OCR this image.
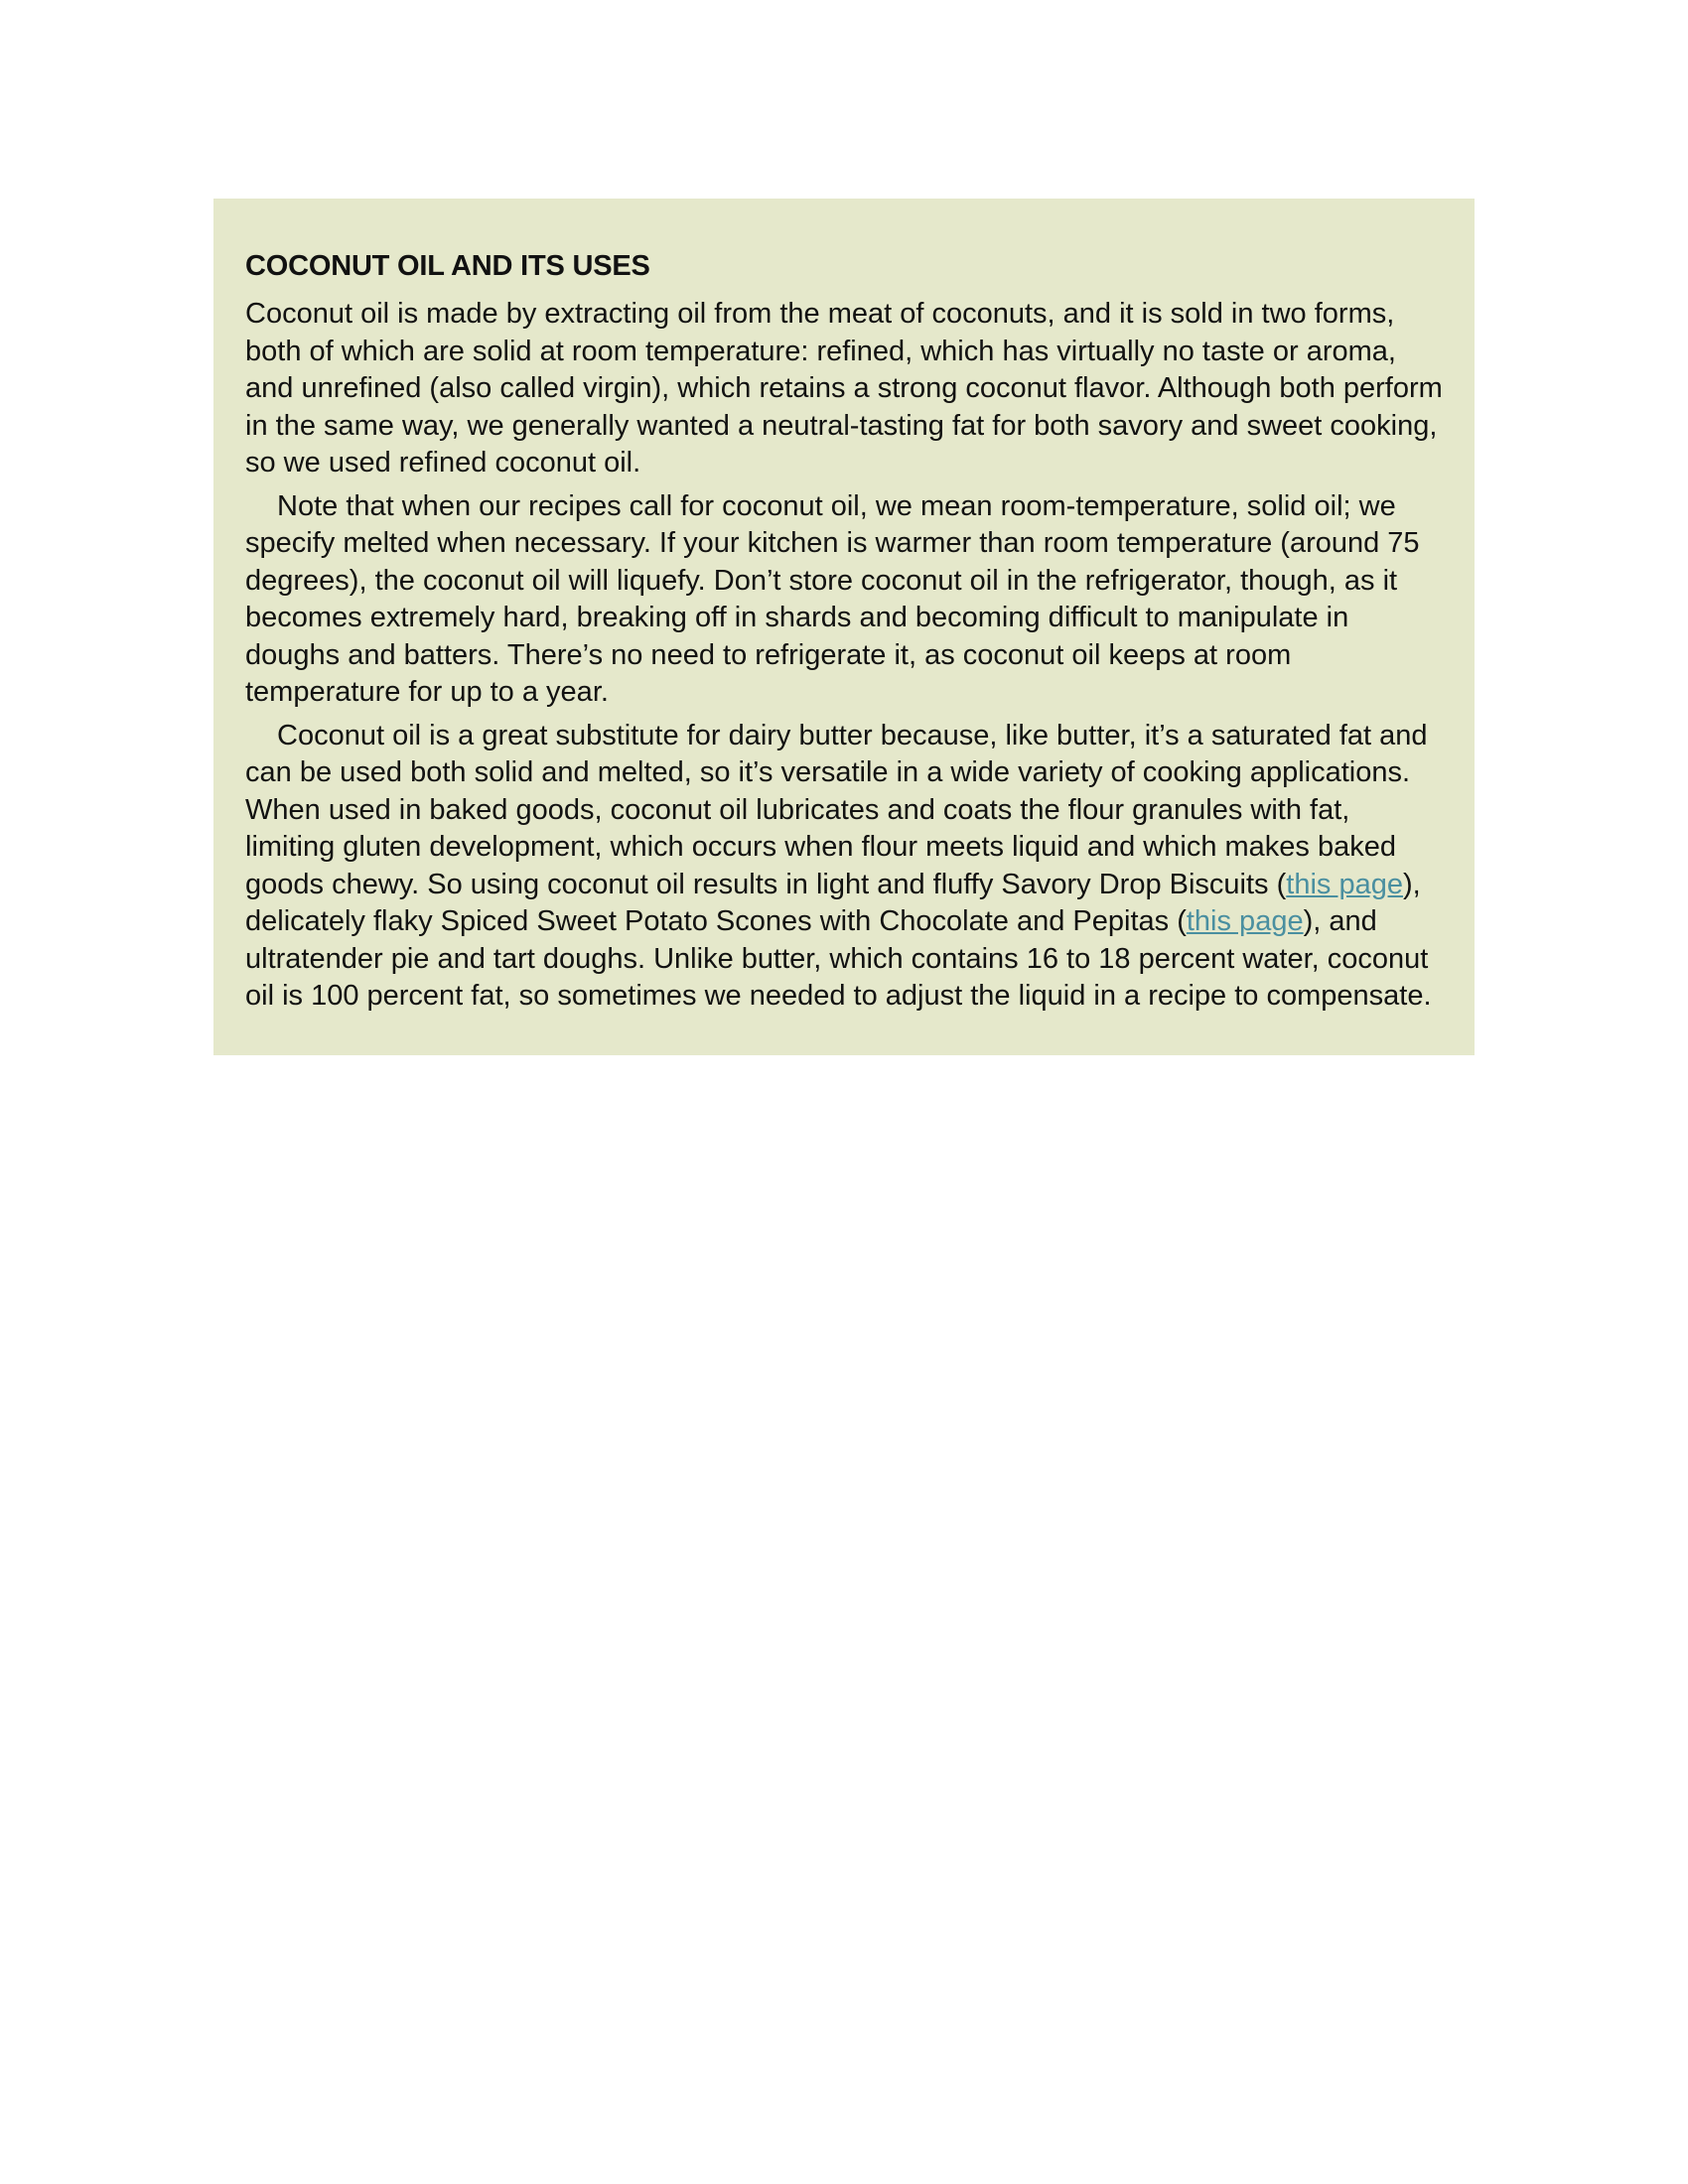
COCONUT OIL AND ITS USES

Coconut oil is made by extracting oil from the meat of coconuts, and it is sold in two forms, both of which are solid at room temperature: refined, which has virtually no taste or aroma, and unrefined (also called virgin), which retains a strong coconut flavor. Although both perform in the same way, we generally wanted a neutral-tasting fat for both savory and sweet cooking, so we used refined coconut oil.

Note that when our recipes call for coconut oil, we mean room-temperature, solid oil; we specify melted when necessary. If your kitchen is warmer than room temperature (around 75 degrees), the coconut oil will liquefy. Don’t store coconut oil in the refrigerator, though, as it becomes extremely hard, breaking off in shards and becoming difficult to manipulate in doughs and batters. There’s no need to refrigerate it, as coconut oil keeps at room temperature for up to a year.

Coconut oil is a great substitute for dairy butter because, like butter, it’s a saturated fat and can be used both solid and melted, so it’s versatile in a wide variety of cooking applications. When used in baked goods, coconut oil lubricates and coats the flour granules with fat, limiting gluten development, which occurs when flour meets liquid and which makes baked goods chewy. So using coconut oil results in light and fluffy Savory Drop Biscuits (this page), delicately flaky Spiced Sweet Potato Scones with Chocolate and Pepitas (this page), and ultratender pie and tart doughs. Unlike butter, which contains 16 to 18 percent water, coconut oil is 100 percent fat, so sometimes we needed to adjust the liquid in a recipe to compensate.
